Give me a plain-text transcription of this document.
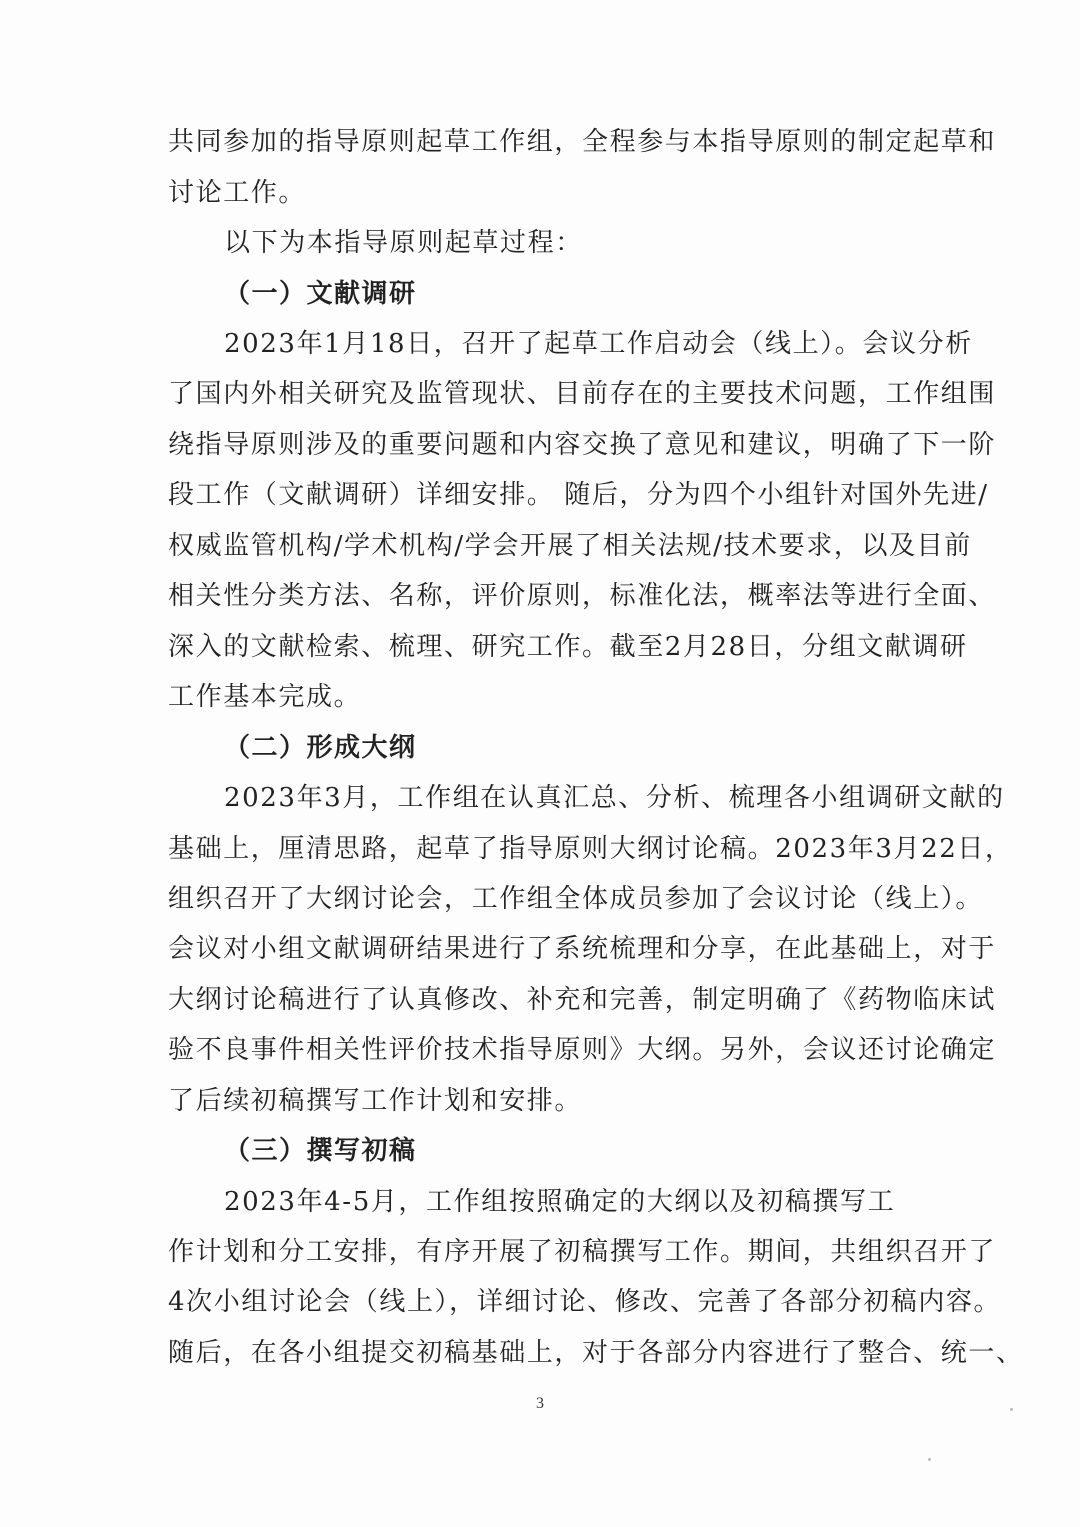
共同参加的指导原则起草工作组，全程参与本指导原则的制定起草和
讨论工作。
以下为本指导原则起草过程：
（一）文献调研
2023年1月18日，召开了起草工作启动会（线上）。会议分析
了国内外相关研究及监管现状、目前存在的主要技术问题，工作组围
绕指导原则涉及的重要问题和内容交换了意见和建议，明确了下一阶
段工作（文献调研）详细安排。 随后，分为四个小组针对国外先进/
权威监管机构/学术机构/学会开展了相关法规/技术要求，以及目前
相关性分类方法、名称，评价原则，标准化法，概率法等进行全面、
深入的文献检索、梳理、研究工作。截至2月28日，分组文献调研
工作基本完成。
（二）形成大纲
2023年3月，工作组在认真汇总、分析、梳理各小组调研文献的
基础上，厘清思路，起草了指导原则大纲讨论稿。2023年3月22日，
组织召开了大纲讨论会，工作组全体成员参加了会议讨论（线上）。
会议对小组文献调研结果进行了系统梳理和分享，在此基础上，对于
大纲讨论稿进行了认真修改、补充和完善，制定明确了《药物临床试
验不良事件相关性评价技术指导原则》大纲。另外，会议还讨论确定
了后续初稿撰写工作计划和安排。
（三）撰写初稿
2023年4-5月，工作组按照确定的大纲以及初稿撰写工
作计划和分工安排，有序开展了初稿撰写工作。期间，共组织召开了
4次小组讨论会（线上），详细讨论、修改、完善了各部分初稿内容。
随后，在各小组提交初稿基础上，对于各部分内容进行了整合、统一、
3
